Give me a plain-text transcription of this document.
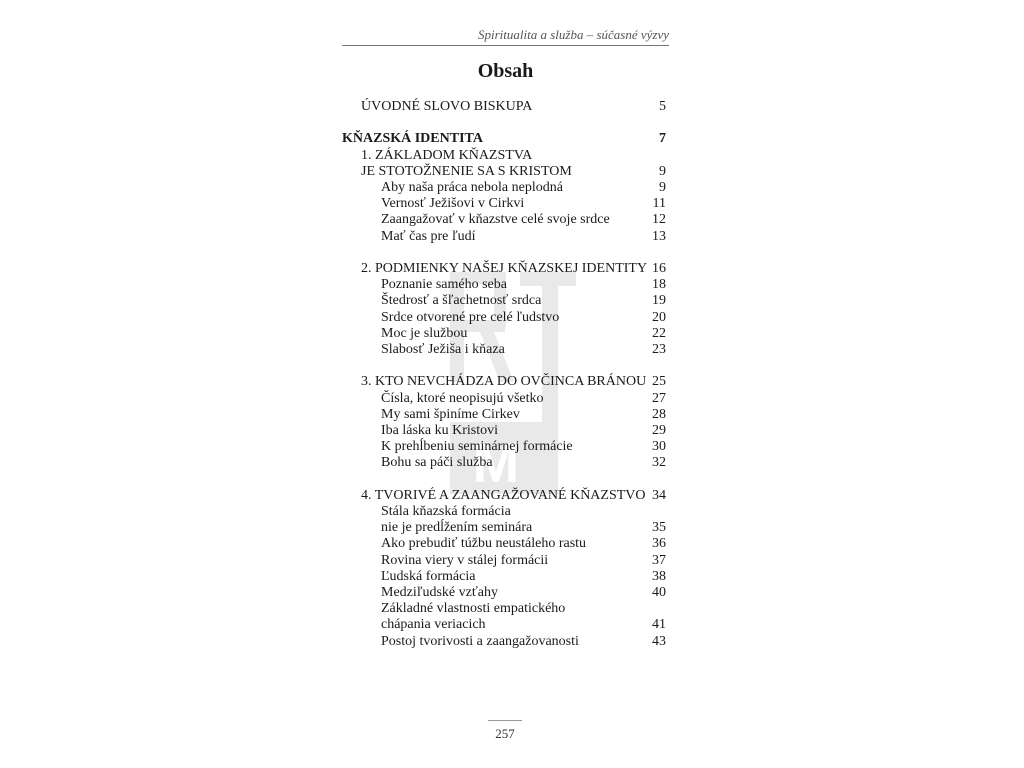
Spiritualita a služba – súčasné výzvy
Obsah
M
ÚVODNÉ SLOVO BISKUPA	5
KŇAZSKÁ IDENTITA	7
1. ZÁKLADOM KŇAZSTVA
JE STOTOŽNENIE SA S KRISTOM	9
Aby naša práca nebola neplodná	9
Vernosť Ježišovi v Cirkvi	11
Zaangažovať v kňazstve celé svoje srdce	12
Mať čas pre ľudí	13
2. PODMIENKY NAŠEJ KŇAZSKEJ IDENTITY 16
Poznanie samého seba	18
Štedrosť a šľachetnosť srdca	19
Srdce otvorené pre celé ľudstvo	20
Moc je službou	22
Slabosť Ježiša i kňaza	23
3. KTO NEVCHÁDZA DO OVČINCA BRÁNOU 25
Čísla, ktoré neopisujú všetko	27
My sami špiníme Cirkev	28
Iba láska ku Kristovi	29
K prehĺbeniu seminárnej formácie	30
Bohu sa páči služba	32
4. TVORIVÉ A ZAANGAŽOVANÉ KŇAZSTVO 34
Stála kňazská formácia
nie je predĺžením seminára	35
Ako prebudiť túžbu neustáleho rastu	36
Rovina viery v stálej formácii	37
Ľudská formácia	38
Medziľudské vzťahy	40
Základné vlastnosti empatického
chápania veriacich	41
Postoj tvorivosti a zaangažovanosti	43
257
